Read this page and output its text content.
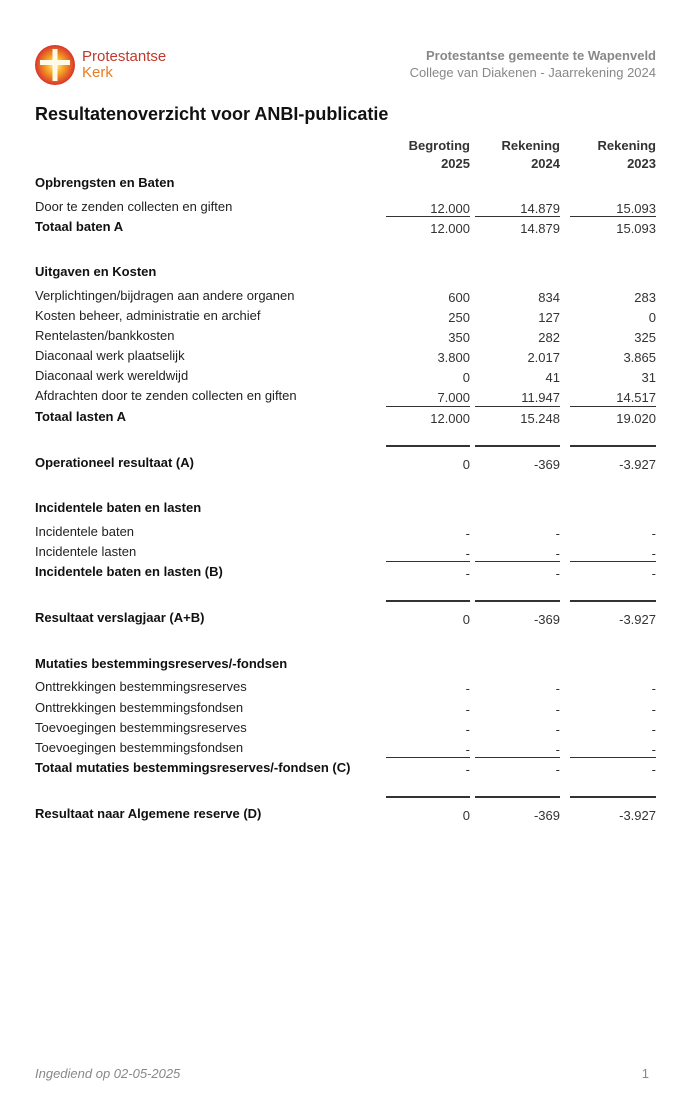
Protestantse
Kerk
Protestantse gemeente te Wapenveld
College van Diakenen - Jaarrekening 2024
Resultatenoverzicht voor ANBI-publicatie
Begroting
2025
Rekening
2024
Rekening
2023
Opbrengsten en Baten
Door te zenden collecten en giften	12.000	14.879	15.093
Totaal baten A	12.000	14.879	15.093
Uitgaven en Kosten
Verplichtingen/bijdragen aan andere organen	600	834	283
Kosten beheer, administratie en archief	250	127	0
Rentelasten/bankkosten	350	282	325
Diaconaal werk plaatselijk	3.800	2.017	3.865
Diaconaal werk wereldwijd	0	41	31
Afdrachten door te zenden collecten en giften	7.000	11.947	14.517
Totaal lasten A	12.000	15.248	19.020
Operationeel resultaat (A)	0	-369	-3.927
Incidentele baten en lasten
Incidentele baten	-	-	-
Incidentele lasten	-	-	-
Incidentele baten en lasten (B)	-	-	-
Resultaat verslagjaar (A+B)	0	-369	-3.927
Mutaties bestemmingsreserves/-fondsen
Onttrekkingen bestemmingsreserves	-	-	-
Onttrekkingen bestemmingsfondsen	-	-	-
Toevoegingen bestemmingsreserves	-	-	-
Toevoegingen bestemmingsfondsen	-	-	-
Totaal mutaties bestemmingsreserves/-fondsen (C)	-	-	-
Resultaat naar Algemene reserve (D)	0	-369	-3.927
Ingediend op 02-05-2025	1
